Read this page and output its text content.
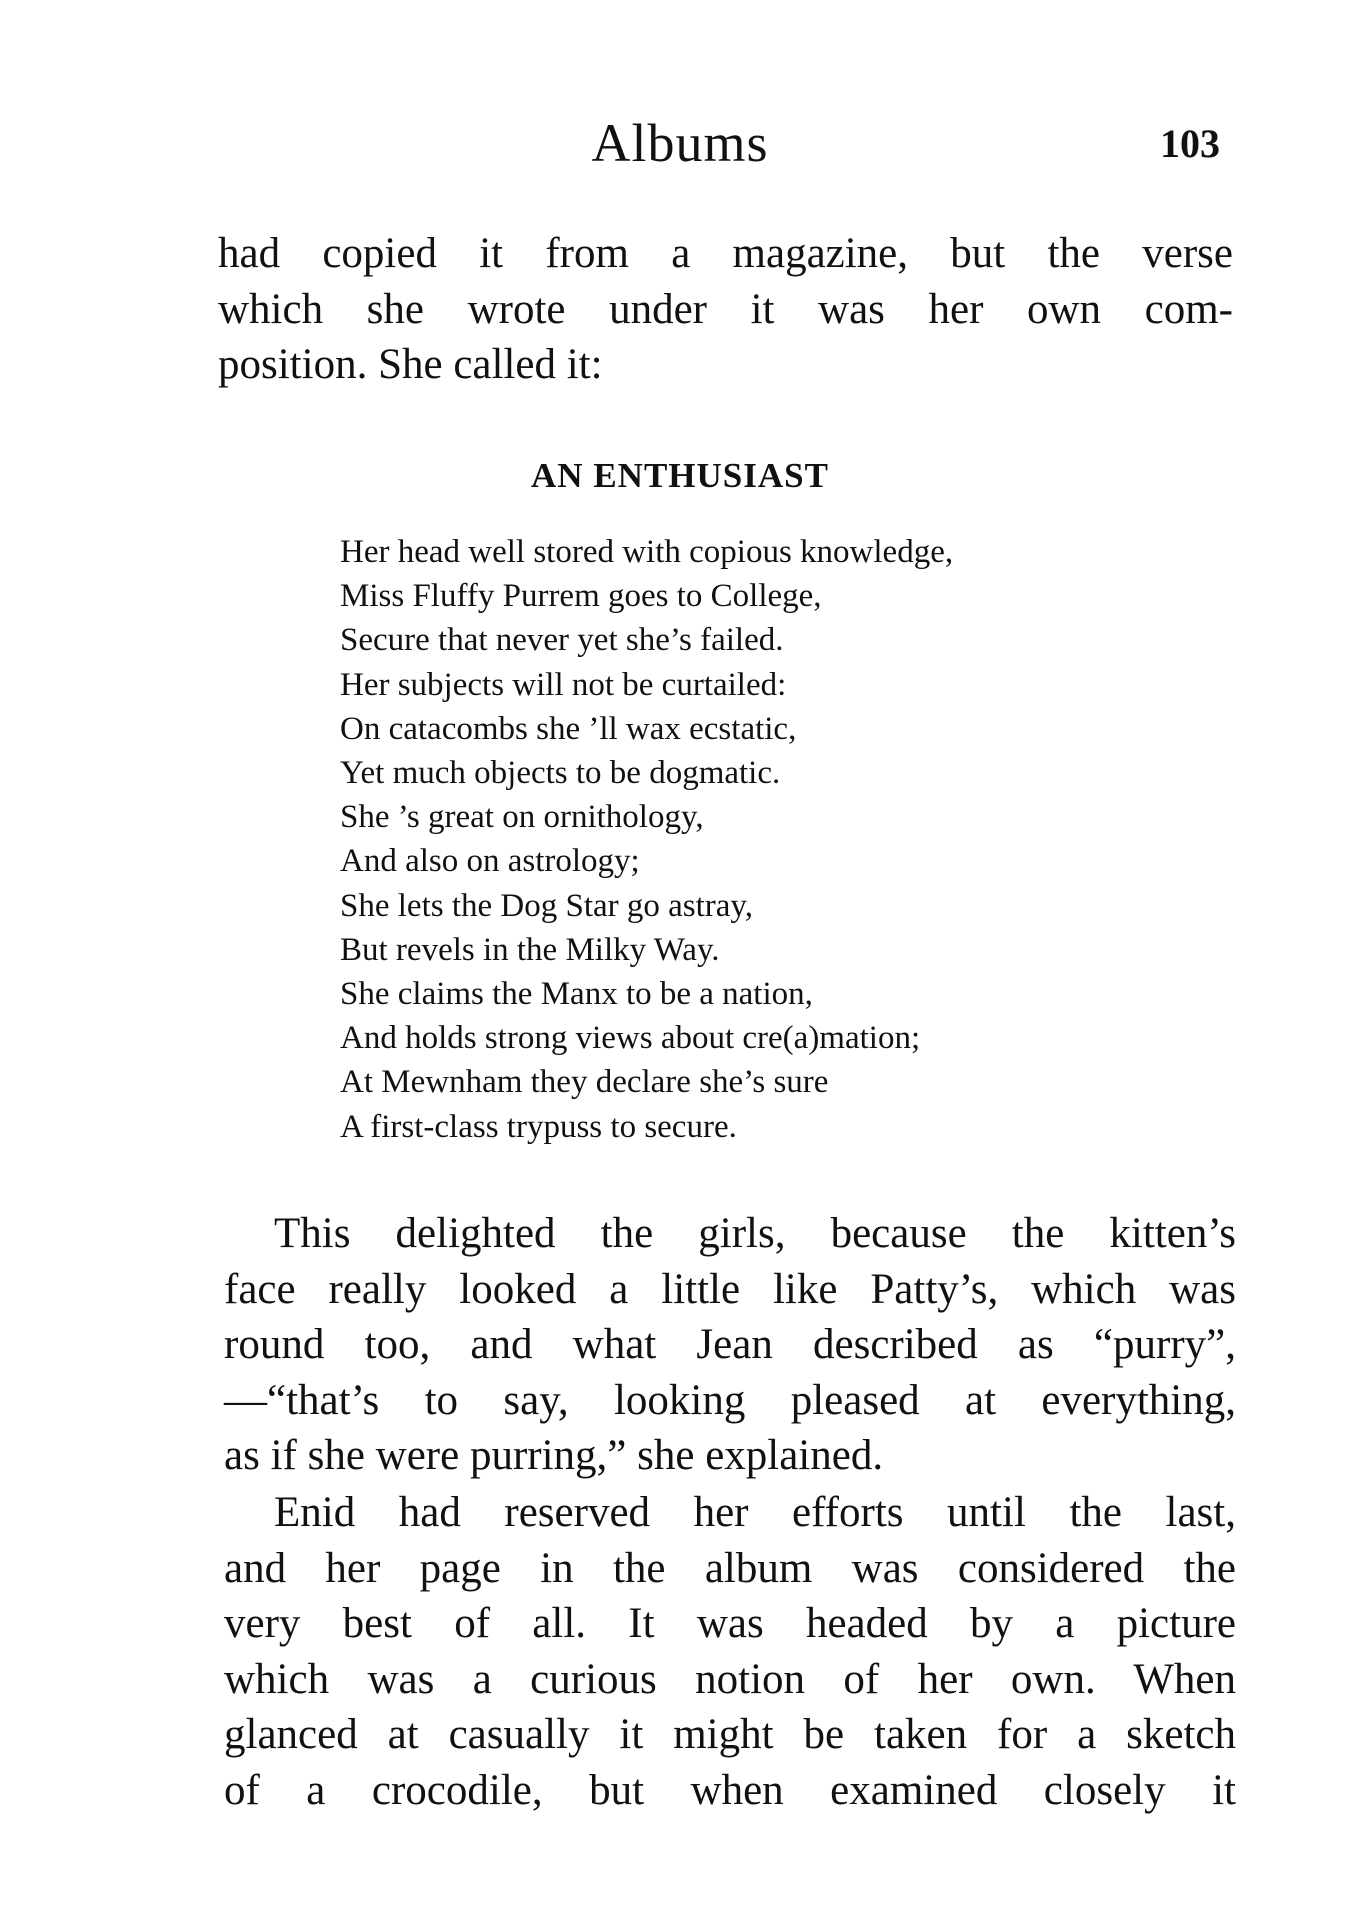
Albums	103

had copied it from a magazine, but the verse
which she wrote under it was her own com-
position. She called it:

AN ENTHUSIAST
Her head well stored with copious knowledge,
Miss Fluffy Purrem goes to College,
Secure that never yet she’s failed.
Her subjects will not be curtailed:
On catacombs she ’ll wax ecstatic,
Yet much objects to be dogmatic.
She ’s great on ornithology,
And also on astrology;
She lets the Dog Star go astray,
But revels in the Milky Way.
She claims the Manx to be a nation,
And holds strong views about cre(a)mation;
At Mewnham they declare she’s sure
A first-class trypuss to secure.

This delighted the girls, because the kitten’s
face really looked a little like Patty’s, which was
round too, and what Jean described as “purry”,
—“that’s to say, looking pleased at everything,
as if she were purring,” she explained.

Enid had reserved her efforts until the last,
and her page in the album was considered the
very best of all. It was headed by a picture
which was a curious notion of her own. When
glanced at casually it might be taken for a sketch
of a crocodile, but when examined closely it
